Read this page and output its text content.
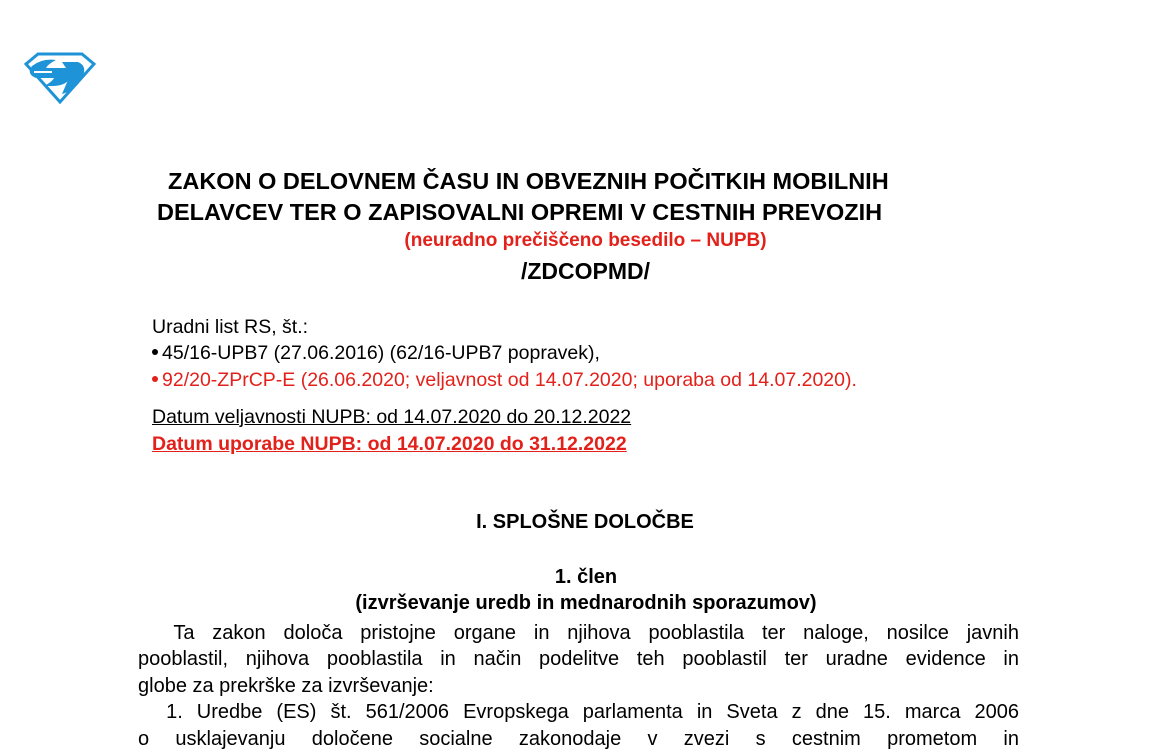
ZAKON O DELOVNEM ČASU IN OBVEZNIH POČITKIH MOBILNIH
DELAVCEV TER O ZAPISOVALNI OPREMI V CESTNIH PREVOZIH
(neuradno prečiščeno besedilo – NUPB)
/ZDCOPMD/
Uradni list RS, št.:
45/16-UPB7 (27.06.2016) (62/16-UPB7 popravek),
92/20-ZPrCP-E (26.06.2020; veljavnost od 14.07.2020; uporaba od 14.07.2020).
Datum veljavnosti NUPB: od 14.07.2020 do 20.12.2022
Datum uporabe NUPB: od 14.07.2020 do 31.12.2022
I. SPLOŠNE DOLOČBE
1. člen
(izvrševanje uredb in mednarodnih sporazumov)
Ta zakon določa pristojne organe in njihova pooblastila ter naloge, nosilce javnih
pooblastil, njihova pooblastila in način podelitve teh pooblastil ter uradne evidence in
globe za prekrške za izvrševanje:
1. Uredbe (ES) št. 561/2006 Evropskega parlamenta in Sveta z dne 15. marca 2006
o usklajevanju določene socialne zakonodaje v zvezi s cestnim prometom in
